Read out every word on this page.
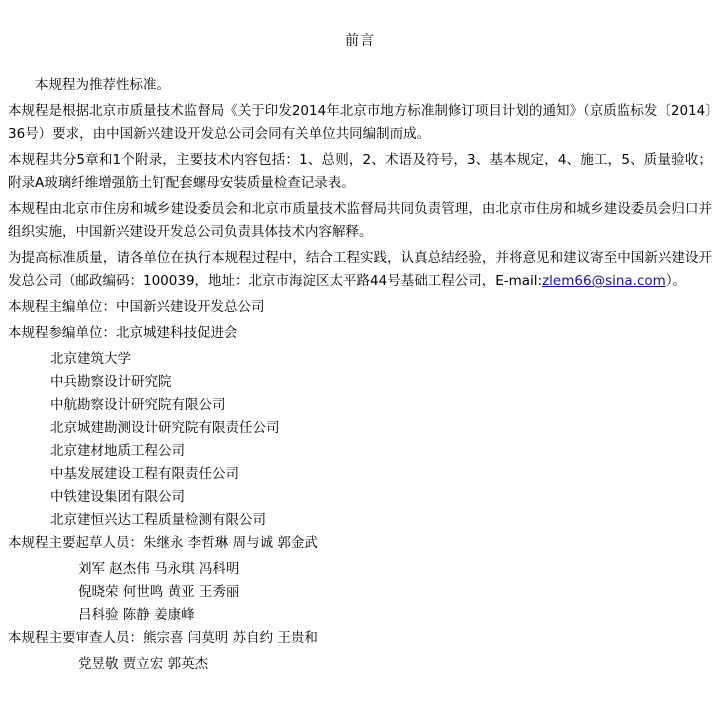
前言

本规程为推荐性标准。

本规程是根据北京市质量技术监督局《关于印发2014年北京市地方标准制修订项目计划的通知》（京质监标发〔2014〕36号）要求，由中国新兴建设开发总公司会同有关单位共同编制而成。

本规程共分5章和1个附录，主要技术内容包括：1、总则，2、术语及符号，3、基本规定，4、施工，5、质量验收；附录A玻璃纤维增强筋土钉配套螺母安装质量检查记录表。

本规程由北京市住房和城乡建设委员会和北京市质量技术监督局共同负责管理，由北京市住房和城乡建设委员会归口并组织实施，中国新兴建设开发总公司负责具体技术内容解释。

为提高标准质量，请各单位在执行本规程过程中，结合工程实践，认真总结经验，并将意见和建议寄至中国新兴建设开发总公司（邮政编码：100039，地址：北京市海淀区太平路44号基础工程公司，E-mail:zlem66@sina.com）。

本规程主编单位：中国新兴建设开发总公司

本规程参编单位：北京城建科技促进会

北京建筑大学

中兵勘察设计研究院

中航勘察设计研究院有限公司

北京城建勘测设计研究院有限责任公司

北京建材地质工程公司

中基发展建设工程有限责任公司

中铁建设集团有限公司

北京建恒兴达工程质量检测有限公司

本规程主要起草人员：朱继永 李哲琳 周与诚 郭金武

刘军 赵杰伟 马永琪 冯科明

倪晓荣 何世鸣 黄亚 王秀丽

吕科验 陈静 姜康峰

本规程主要审查人员：熊宗喜 闫莫明 苏自约 王贵和

党昱敬 贾立宏 郭英杰
